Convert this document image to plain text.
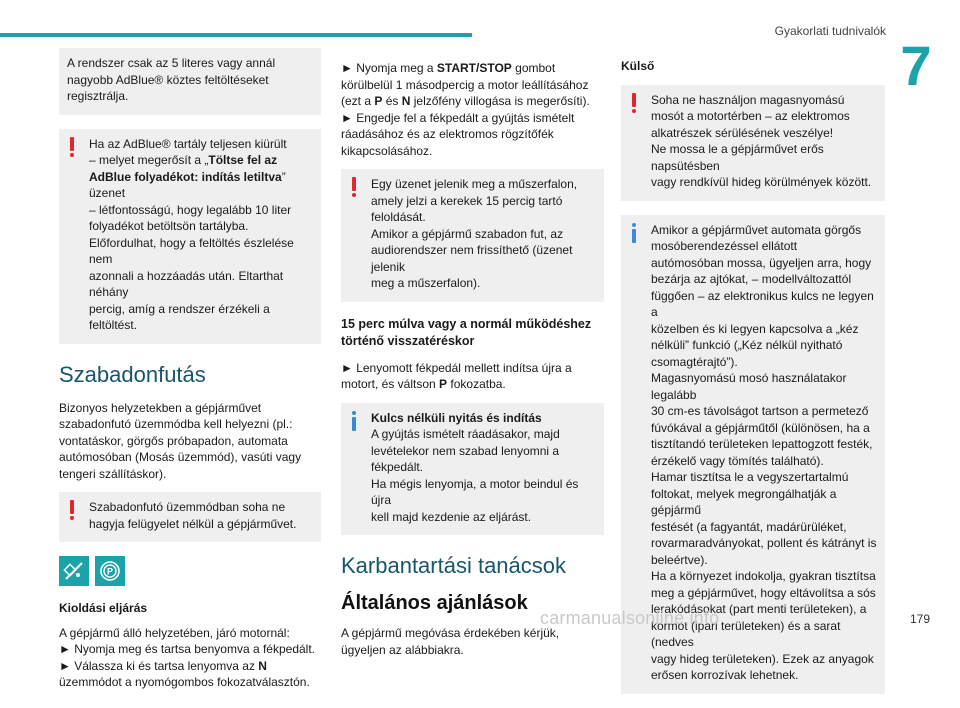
Gyakorlati tudnivalók
7

A rendszer csak az 5 literes vagy annál
nagyobb AdBlue® köztes feltöltéseket
regisztrálja.

Ha az AdBlue® tartály teljesen kiürült
– melyet megerősít a „Töltse fel az AdBlue folyadékot: indítás letiltva” üzenet
– létfontosságú, hogy legalább 10 liter
folyadékot betöltsön tartályba.
Előfordulhat, hogy a feltöltés észlelése nem
azonnali a hozzáadás után. Eltarthat néhány
percig, amíg a rendszer érzékeli a feltöltést.

Szabadonfutás

Bizonyos helyzetekben a gépjárművet
szabadonfutó üzemmódba kell helyezni (pl.:
vontatáskor, görgős próbapadon, automata
autómosóban (Mosás üzemmód), vasúti vagy
tengeri szállításkor).

Szabadonfutó üzemmódban soha ne
hagyja felügyelet nélkül a gépjárművet.

P
Kioldási eljárás

A gépjármű álló helyzetében, járó motornál:
► Nyomja meg és tartsa benyomva a fékpedált.
► Válassza ki és tartsa lenyomva az N
üzemmódot a nyomógombos fokozatválasztón.

► Nyomja meg a START/STOP gombot
körülbelül 1 másodpercig a motor leállításához
(ezt a P és N jelzőfény villogása is megerősíti).
► Engedje fel a fékpedált a gyújtás ismételt
ráadásához és az elektromos rögzítőfék
kikapcsolásához.

Egy üzenet jelenik meg a műszerfalon,
amely jelzi a kerekek 15 percig tartó
feloldását.
Amikor a gépjármű szabadon fut, az
audiorendszer nem frissíthető (üzenet jelenik
meg a műszerfalon).

15 perc múlva vagy a normál működéshez
történő visszatéréskor

► Lenyomott fékpedál mellett indítsa újra a
motort, és váltson P fokozatba.

Kulcs nélküli nyitás és indítás

A gyújtás ismételt ráadásakor, majd
levételekor nem szabad lenyomni a fékpedált.
Ha mégis lenyomja, a motor beindul és újra
kell majd kezdenie az eljárást.

Karbantartási tanácsok
Általános ajánlások

A gépjármű megóvása érdekében kérjük,
ügyeljen az alábbiakra.

Külső

Soha ne használjon magasnyomású
mosót a motortérben – az elektromos
alkatrészek sérülésének veszélye!
Ne mossa le a gépjárművet erős napsütésben
vagy rendkívül hideg körülmények között.

Amikor a gépjárművet automata görgős
mosóberendezéssel ellátott
autómosóban mossa, ügyeljen arra, hogy
bezárja az ajtókat, – modellváltozattól
függően – az elektronikus kulcs ne legyen a
közelben és ki legyen kapcsolva a „kéz
nélküli” funkció („Kéz nélkül nyitható
csomagtérajtó”).
Magasnyomású mosó használatakor legalább
30 cm-es távolságot tartson a permetező
fúvókával a gépjárműtől (különösen, ha a
tisztítandó területeken lepattogzott festék,
érzékelő vagy tömítés található).
Hamar tisztítsa le a vegyszertartalmú
foltokat, melyek megrongálhatják a gépjármű
festését (a fagyantát, madárürüléket,
rovarmaradványokat, pollent és kátrányt is
beleértve).
Ha a környezet indokolja, gyakran tisztítsa
meg a gépjárművet, hogy eltávolítsa a sós
lerakódásokat (part menti területeken), a
kormot (ipari területeken) és a sarat (nedves
vagy hideg területeken). Ezek az anyagok
erősen korrozívak lehetnek.

carmanualsonline.info	179
